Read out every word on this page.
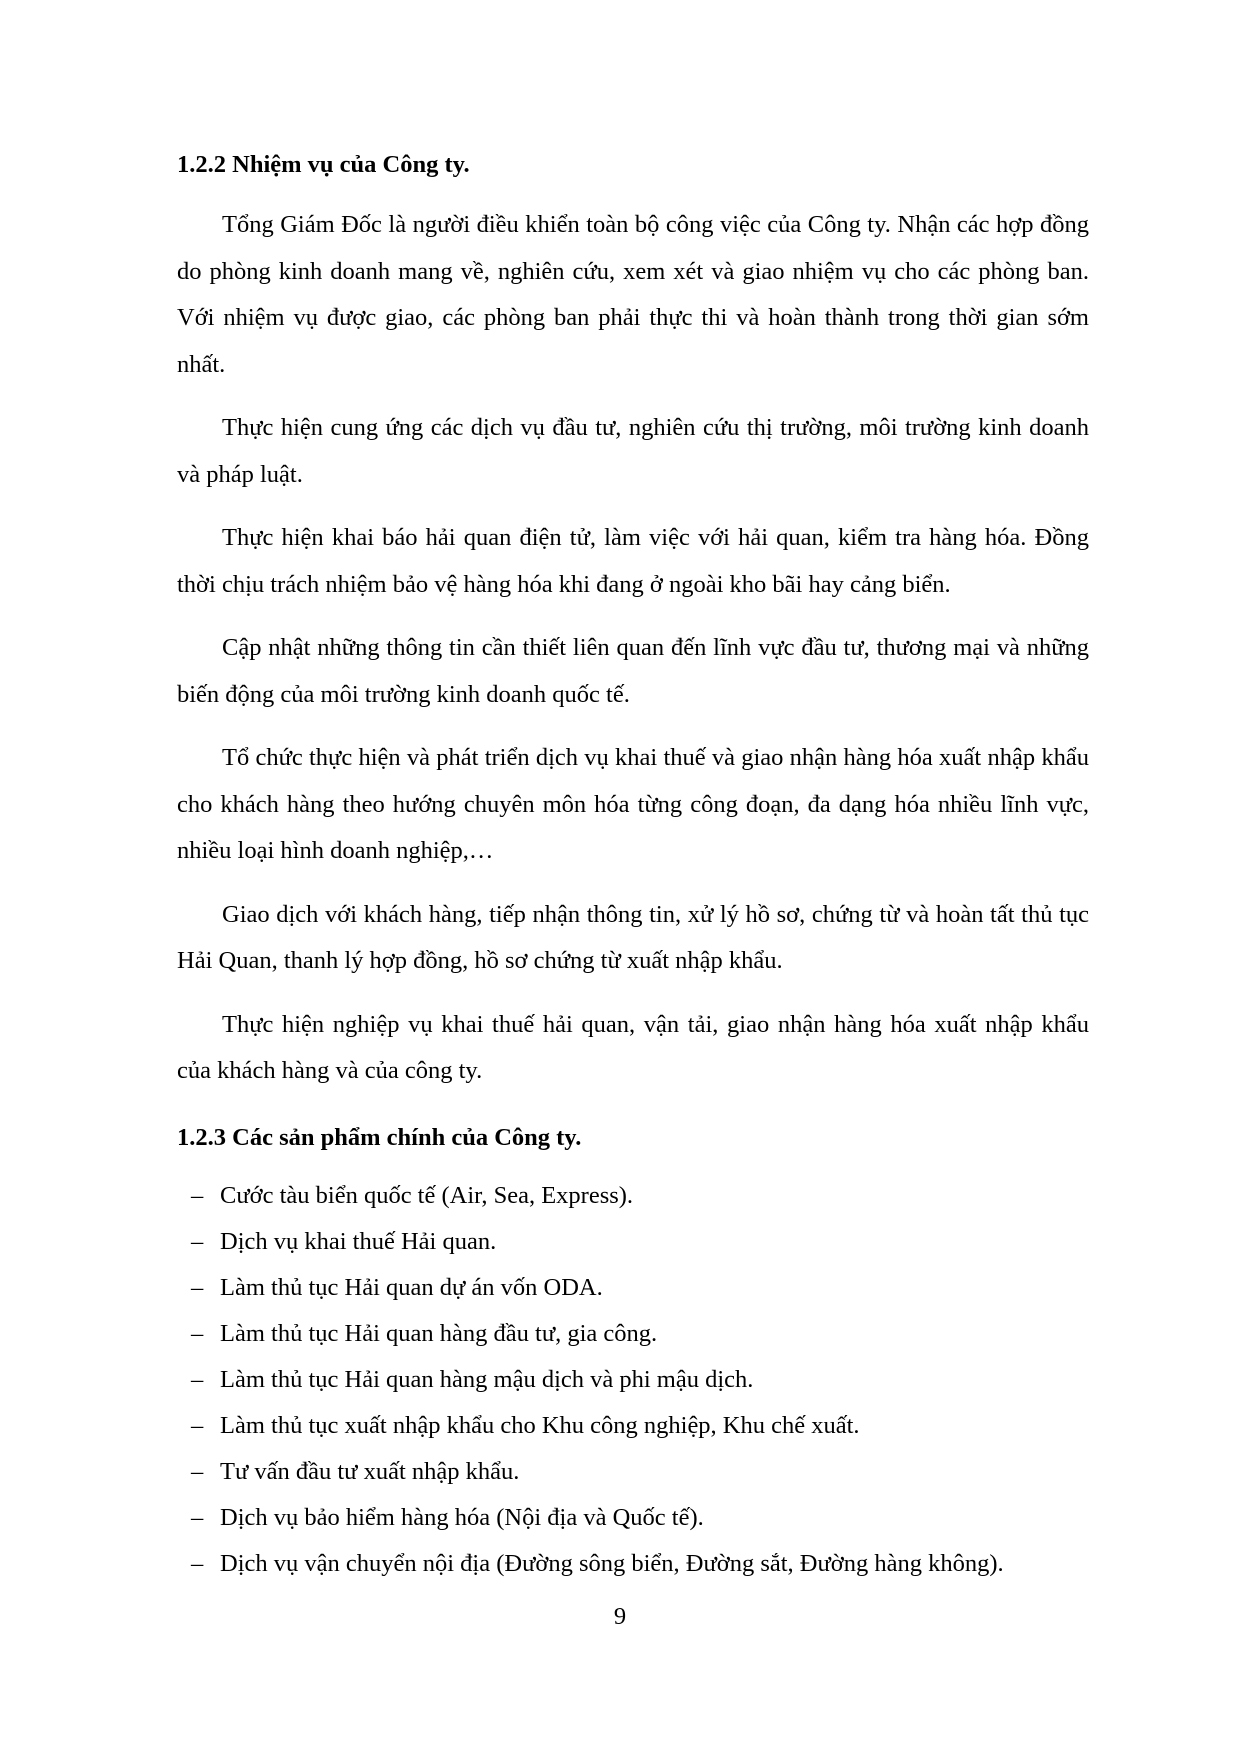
1.2.2 Nhiệm vụ của Công ty.

Tổng Giám Đốc là người điều khiển toàn bộ công việc của Công ty. Nhận các hợp đồng do phòng kinh doanh mang về, nghiên cứu, xem xét và giao nhiệm vụ cho các phòng ban. Với nhiệm vụ được giao, các phòng ban phải thực thi và hoàn thành trong thời gian sớm nhất.

Thực hiện cung ứng các dịch vụ đầu tư, nghiên cứu thị trường, môi trường kinh doanh và pháp luật.

Thực hiện khai báo hải quan điện tử, làm việc với hải quan, kiểm tra hàng hóa. Đồng thời chịu trách nhiệm bảo vệ hàng hóa khi đang ở ngoài kho bãi hay cảng biển.

Cập nhật những thông tin cần thiết liên quan đến lĩnh vực đầu tư, thương mại và những biến động của môi trường kinh doanh quốc tế.

Tổ chức thực hiện và phát triển dịch vụ khai thuế và giao nhận hàng hóa xuất nhập khẩu cho khách hàng theo hướng chuyên môn hóa từng công đoạn, đa dạng hóa nhiều lĩnh vực, nhiều loại hình doanh nghiệp,…

Giao dịch với khách hàng, tiếp nhận thông tin, xử lý hồ sơ, chứng từ và hoàn tất thủ tục Hải Quan, thanh lý hợp đồng, hồ sơ chứng từ xuất nhập khẩu.

Thực hiện nghiệp vụ khai thuế hải quan, vận tải, giao nhận hàng hóa xuất nhập khẩu của khách hàng và của công ty.

1.2.3 Các sản phẩm chính của Công ty.
– Cước tàu biển quốc tế (Air, Sea, Express).
– Dịch vụ khai thuế Hải quan.
– Làm thủ tục Hải quan dự án vốn ODA.
– Làm thủ tục Hải quan hàng đầu tư, gia công.
– Làm thủ tục Hải quan hàng mậu dịch và phi mậu dịch.
– Làm thủ tục xuất nhập khẩu cho Khu công nghiệp, Khu chế xuất.
– Tư vấn đầu tư xuất nhập khẩu.
– Dịch vụ bảo hiểm hàng hóa (Nội địa và Quốc tế).
– Dịch vụ vận chuyển nội địa (Đường sông biển, Đường sắt, Đường hàng không).
9
